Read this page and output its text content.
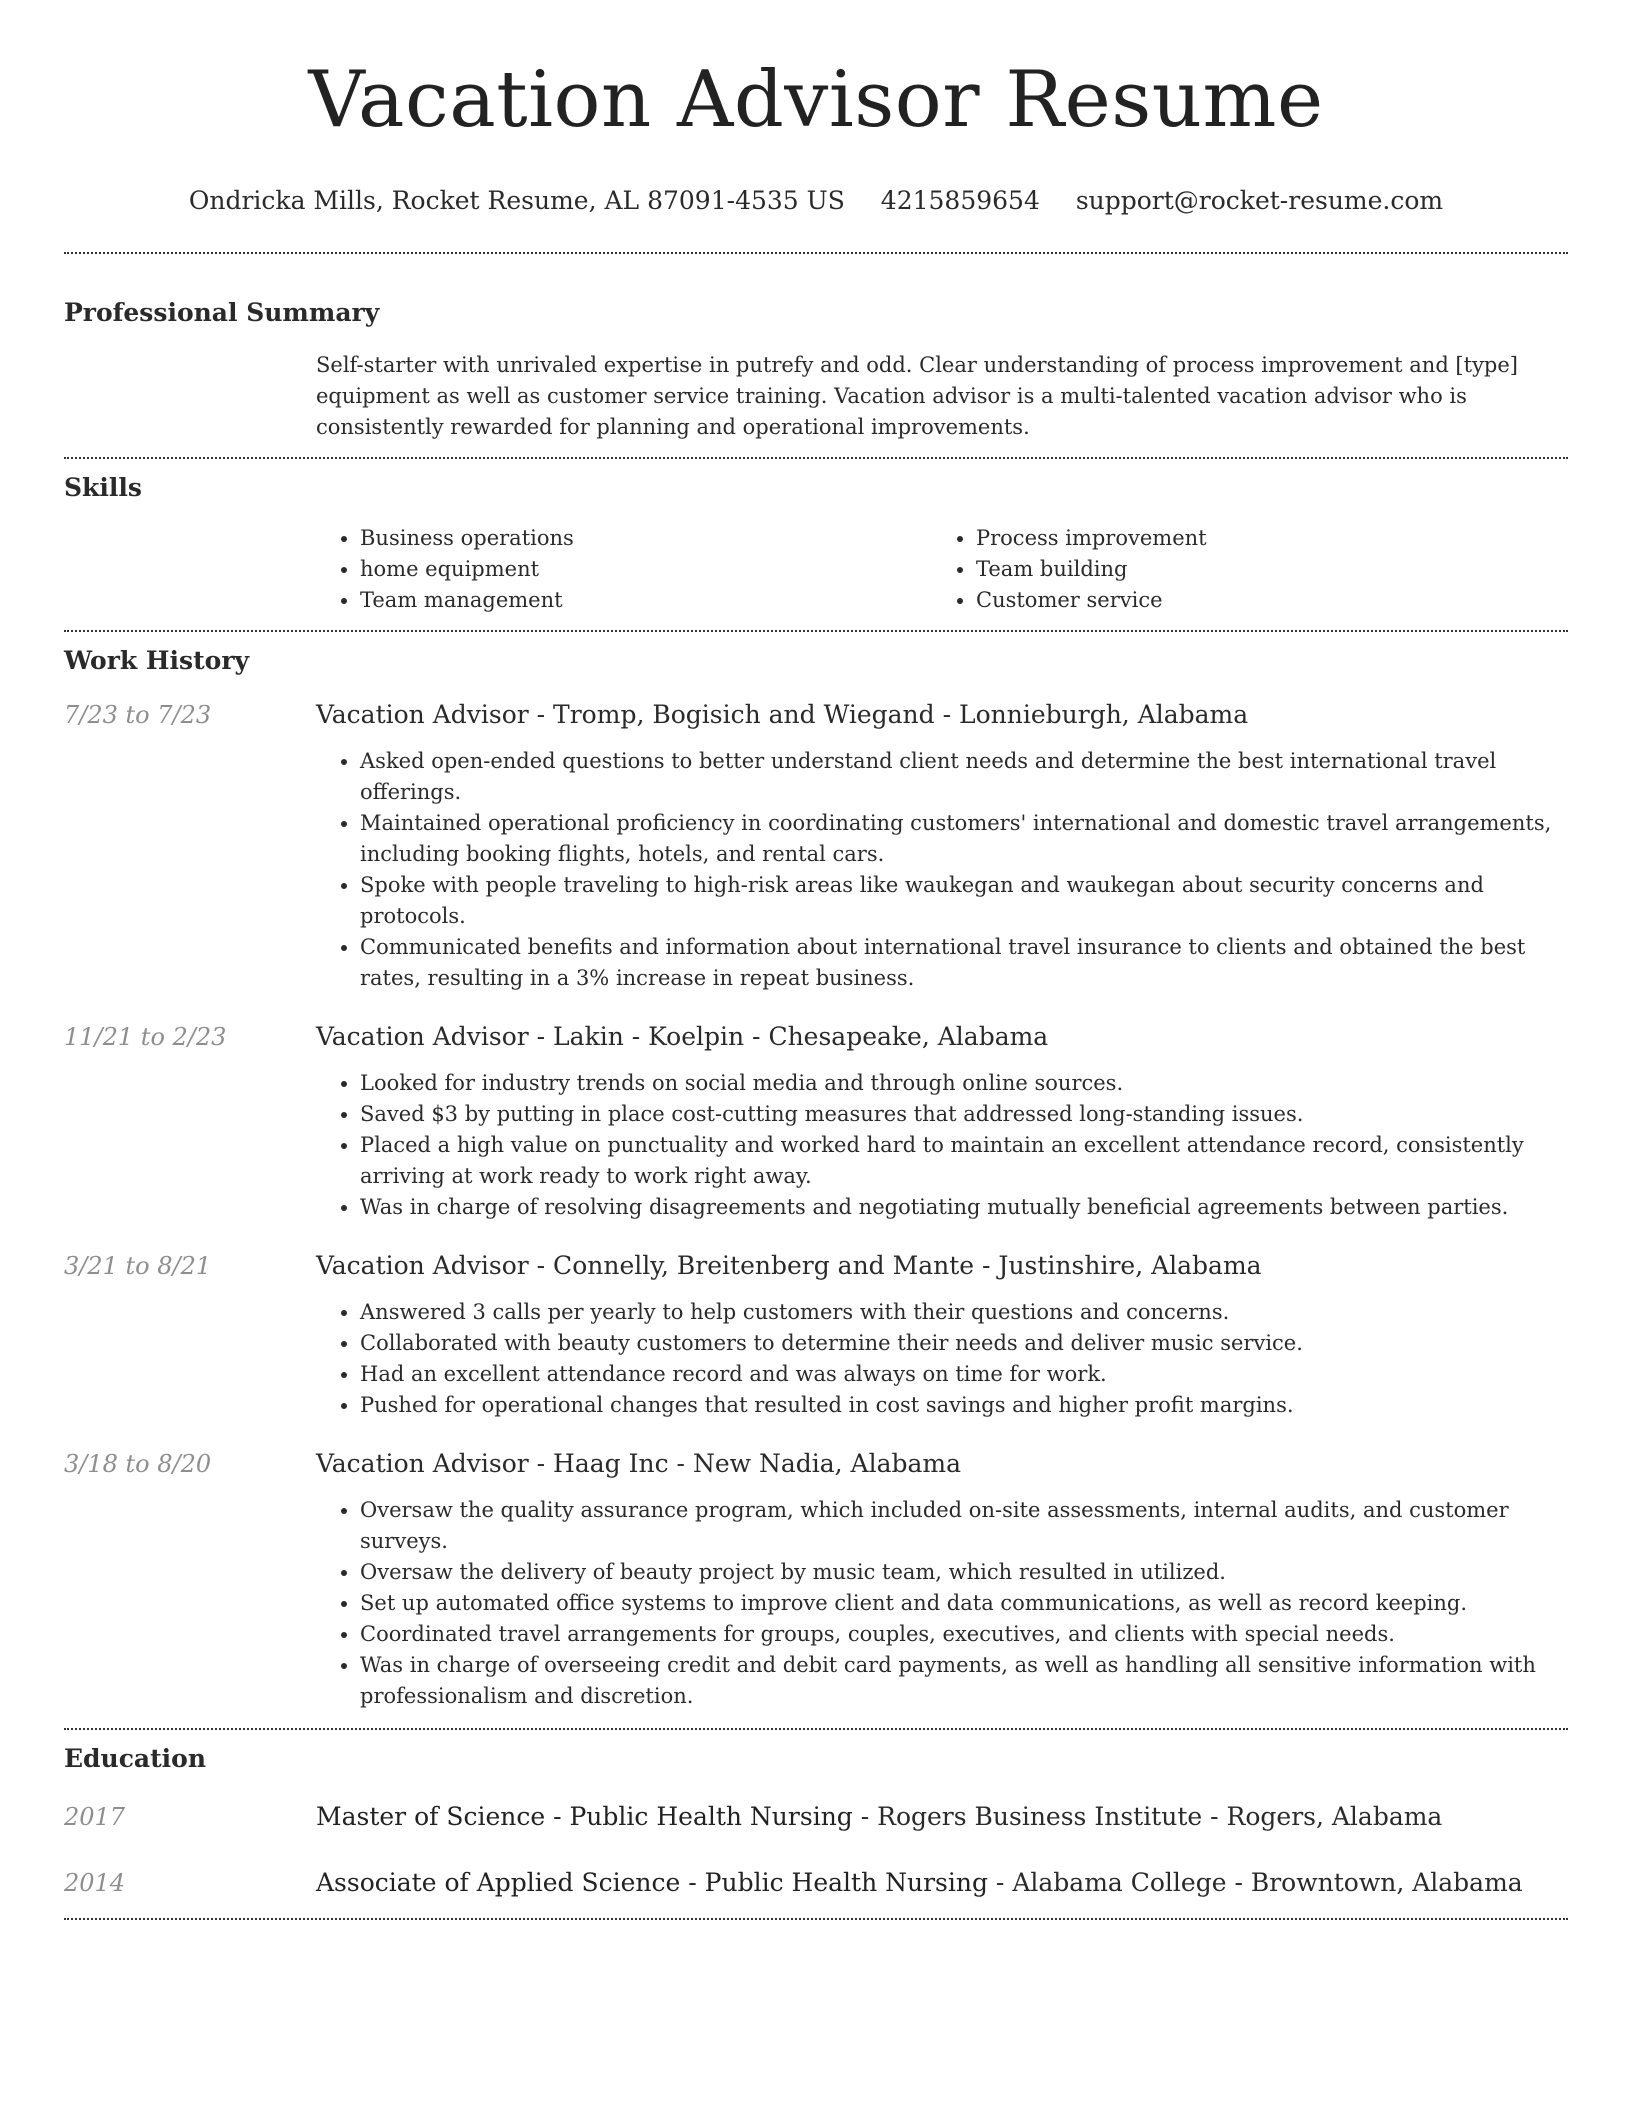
Vacation Advisor Resume
Ondricka Mills, Rocket Resume, AL 87091-4535 US 4215859654 support@rocket-resume.com
Professional Summary
Self-starter with unrivaled expertise in putrefy and odd. Clear understanding of process improvement and [type] equipment as well as customer service training. Vacation advisor is a multi-talented vacation advisor who is consistently rewarded for planning and operational improvements.
Skills
• Business operations
• home equipment
• Team management
• Process improvement
• Team building
• Customer service
Work History
7/23 to 7/23	Vacation Advisor - Tromp, Bogisich and Wiegand - Lonnieburgh, Alabama
• Asked open-ended questions to better understand client needs and determine the best international travel offerings.
• Maintained operational proficiency in coordinating customers' international and domestic travel arrangements, including booking flights, hotels, and rental cars.
• Spoke with people traveling to high-risk areas like waukegan and waukegan about security concerns and protocols.
• Communicated benefits and information about international travel insurance to clients and obtained the best rates, resulting in a 3% increase in repeat business.
11/21 to 2/23	Vacation Advisor - Lakin - Koelpin - Chesapeake, Alabama
• Looked for industry trends on social media and through online sources.
• Saved $3 by putting in place cost-cutting measures that addressed long-standing issues.
• Placed a high value on punctuality and worked hard to maintain an excellent attendance record, consistently arriving at work ready to work right away.
• Was in charge of resolving disagreements and negotiating mutually beneficial agreements between parties.
3/21 to 8/21	Vacation Advisor - Connelly, Breitenberg and Mante - Justinshire, Alabama
• Answered 3 calls per yearly to help customers with their questions and concerns.
• Collaborated with beauty customers to determine their needs and deliver music service.
• Had an excellent attendance record and was always on time for work.
• Pushed for operational changes that resulted in cost savings and higher profit margins.
3/18 to 8/20	Vacation Advisor - Haag Inc - New Nadia, Alabama
• Oversaw the quality assurance program, which included on-site assessments, internal audits, and customer surveys.
• Oversaw the delivery of beauty project by music team, which resulted in utilized.
• Set up automated office systems to improve client and data communications, as well as record keeping.
• Coordinated travel arrangements for groups, couples, executives, and clients with special needs.
• Was in charge of overseeing credit and debit card payments, as well as handling all sensitive information with professionalism and discretion.
Education
2017	Master of Science - Public Health Nursing - Rogers Business Institute - Rogers, Alabama
2014	Associate of Applied Science - Public Health Nursing - Alabama College - Browntown, Alabama
